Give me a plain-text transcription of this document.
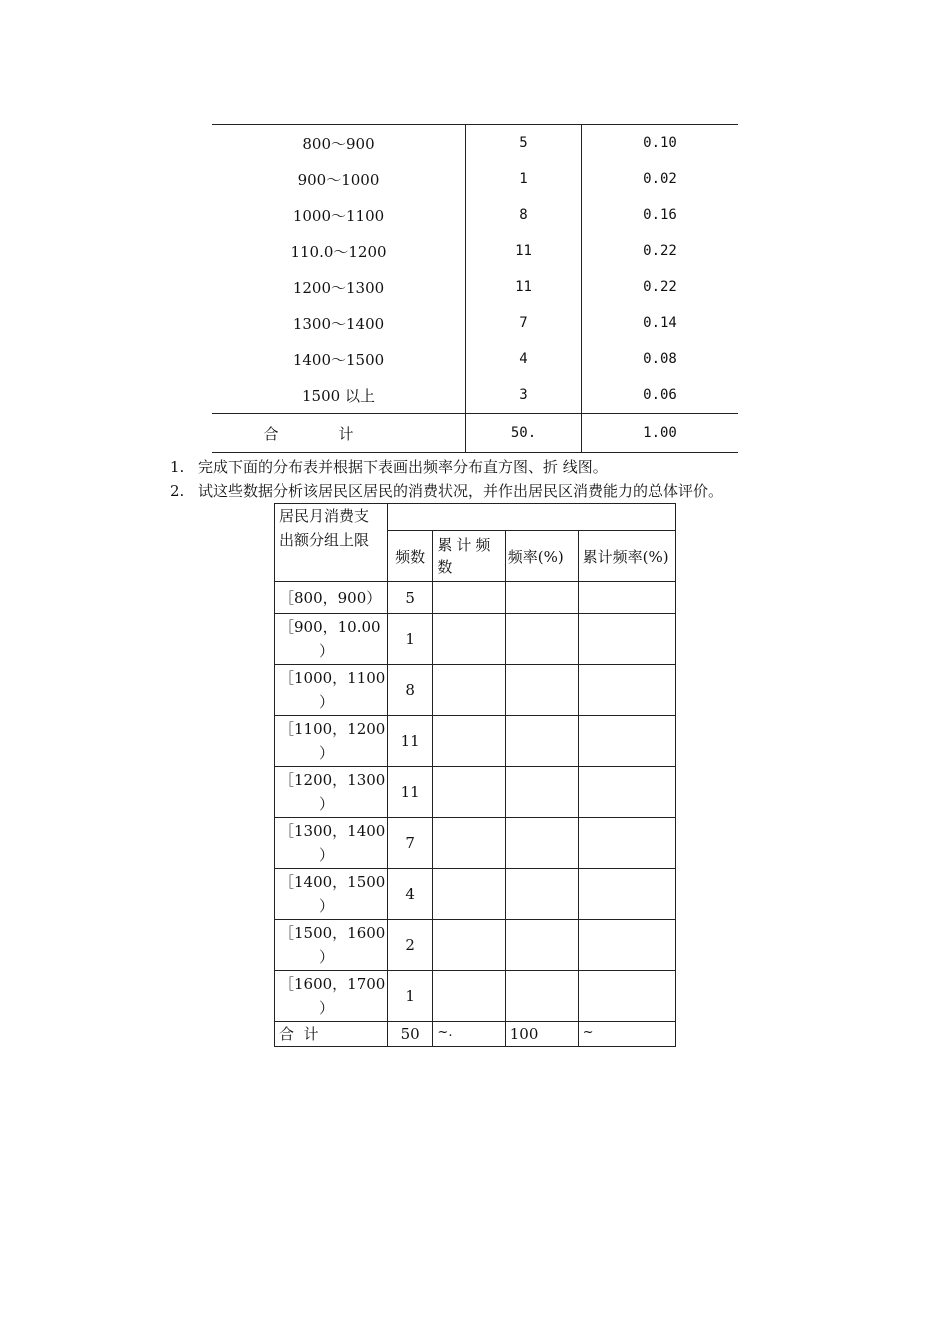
800～900	5	0.10
900～1000	1	0.02
1000～1100	8	0.16
110.0～1200	11	0.22
1200～1300	11	0.22
1300～1400	7	0.14
1400～1500	4	0.08
1500 以上	3	0.06
合计	50.	1.00
1. 完成下面的分布表并根据下表画出频率分布直方图、折 线图。
2. 试这些数据分析该居民区居民的消费状况，并作出居民区消费能力的总体评价。
居民月消费支
出额分组上限				

	频数	累计频数	频率(%)	累计频率(%)

［800，900）	5			

［900，10.00
）	1			

［1000，1100
）	8			

［1100，1200
）	11			

［1200，1300
）	11			

［1300，1400
）	7			

［1400，1500
）	4			

［1500，1600
）	2			

［1600，1700
）	1			
合  计	50	~.	100	~
